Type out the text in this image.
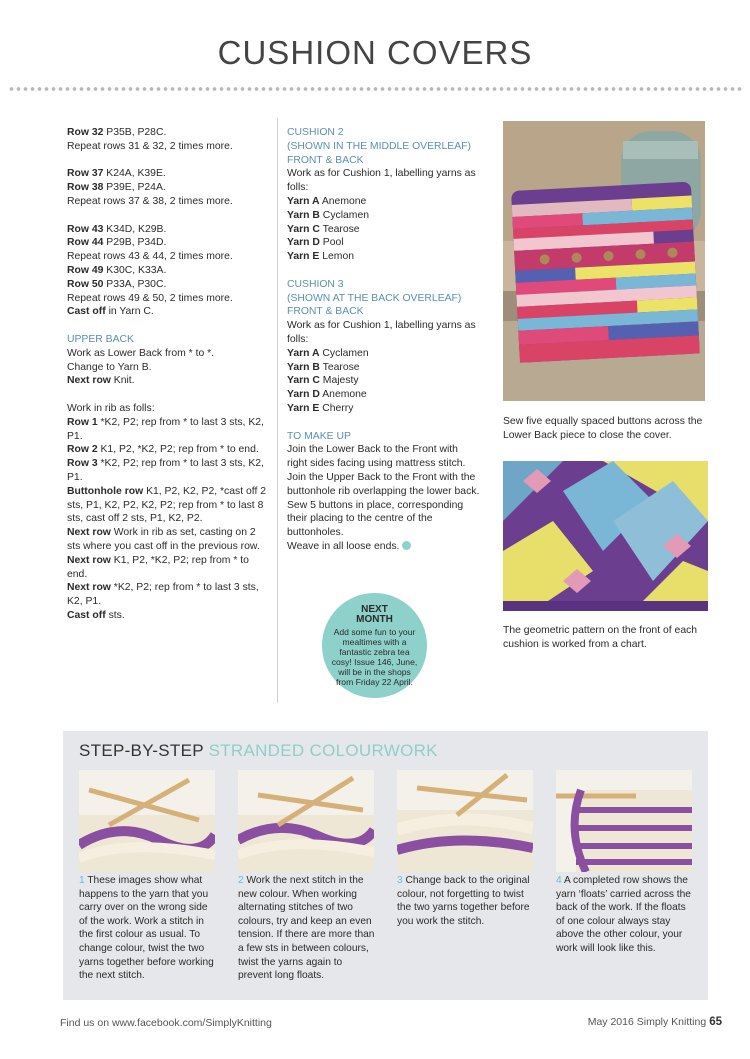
CUSHION COVERS

Row 32 P35B, P28C.

Repeat rows 31 & 32, 2 times more.

Row 37 K24A, K39E.

Row 38 P39E, P24A.

Repeat rows 37 & 38, 2 times more.

Row 43 K34D, K29B.

Row 44 P29B, P34D.

Repeat rows 43 & 44, 2 times more.

Row 49 K30C, K33A.

Row 50 P33A, P30C.

Repeat rows 49 & 50, 2 times more.

Cast off in Yarn C.

UPPER BACK

Work as Lower Back from * to *.

Change to Yarn B.

Next row Knit.

Work in rib as folls:

Row 1 *K2, P2; rep from * to last 3 sts, K2, P1.

Row 2 K1, P2, *K2, P2; rep from * to end.

Row 3 *K2, P2; rep from * to last 3 sts, K2, P1.

Buttonhole row K1, P2, K2, P2, *cast off 2 sts, P1, K2, P2, K2, P2; rep from * to last 8 sts, cast off 2 sts, P1, K2, P2.

Next row Work in rib as set, casting on 2 sts where you cast off in the previous row.

Next row K1, P2, *K2, P2; rep from * to end.

Next row *K2, P2; rep from * to last 3 sts, K2, P1.

Cast off sts.

CUSHION 2

(SHOWN IN THE MIDDLE OVERLEAF)

FRONT & BACK

Work as for Cushion 1, labelling yarns as folls:

Yarn A Anemone

Yarn B Cyclamen

Yarn C Tearose

Yarn D Pool

Yarn E Lemon

CUSHION 3

(SHOWN AT THE BACK OVERLEAF)

FRONT & BACK

Work as for Cushion 1, labelling yarns as folls:

Yarn A Cyclamen

Yarn B Tearose

Yarn C Majesty

Yarn D Anemone

Yarn E Cherry

TO MAKE UP

Join the Lower Back to the Front with right sides facing using mattress stitch. Join the Upper Back to the Front with the buttonhole rib overlapping the lower back.

Sew 5 buttons in place, corresponding their placing to the centre of the buttonholes.

Weave in all loose ends.

NEXT
MONTH
Add some fun to your mealtimes with a fantastic zebra tea cosy! Issue 146, June, will be in the shops from Friday 22 April.
Sew five equally spaced buttons across the Lower Back piece to close the cover.
The geometric pattern on the front of each cushion is worked from a chart.
STEP-BY-STEP STRANDED COLOURWORK
1 These images show what happens to the yarn that you carry over on the wrong side of the work. Work a stitch in the first colour as usual. To change colour, twist the two yarns together before working the next stitch.
2 Work the next stitch in the new colour. When working alternating stitches of two colours, try and keep an even tension. If there are more than a few sts in between colours, twist the yarns again to prevent long floats.
3 Change back to the original colour, not forgetting to twist the two yarns together before you work the stitch.
4 A completed row shows the yarn ‘floats’ carried across the back of the work. If the floats of one colour always stay above the other colour, your work will look like this.
Find us on www.facebook.com/SimplyKnitting	May 2016 Simply Knitting 65
